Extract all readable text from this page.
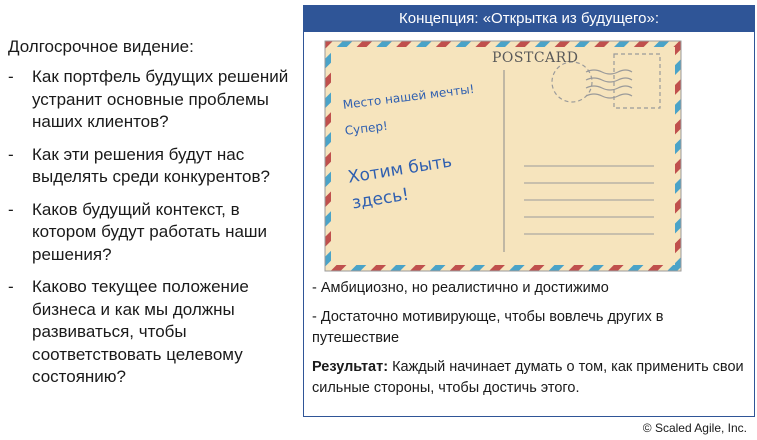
Долгосрочное видение:
- Как портфель будущих решений устранит основные проблемы наших клиентов?
- Как эти решения будут нас выделять среди конкурентов?
- Каков будущий контекст, в котором будут работать наши решения?
- Каково текущее положение бизнеса и как мы должны развиваться, чтобы соответствовать целевому состоянию?
Концепция: «Открытка из будущего»:
POSTCARD
Место нашей мечты!
Супер!
Хотим быть здесь!

- Амбициозно, но реалистично и достижимо

- Достаточно мотивирующе, чтобы вовлечь других в путешествие

Результат: Каждый начинает думать о том, как применить свои сильные стороны, чтобы достичь этого.

© Scaled Agile, Inc.
